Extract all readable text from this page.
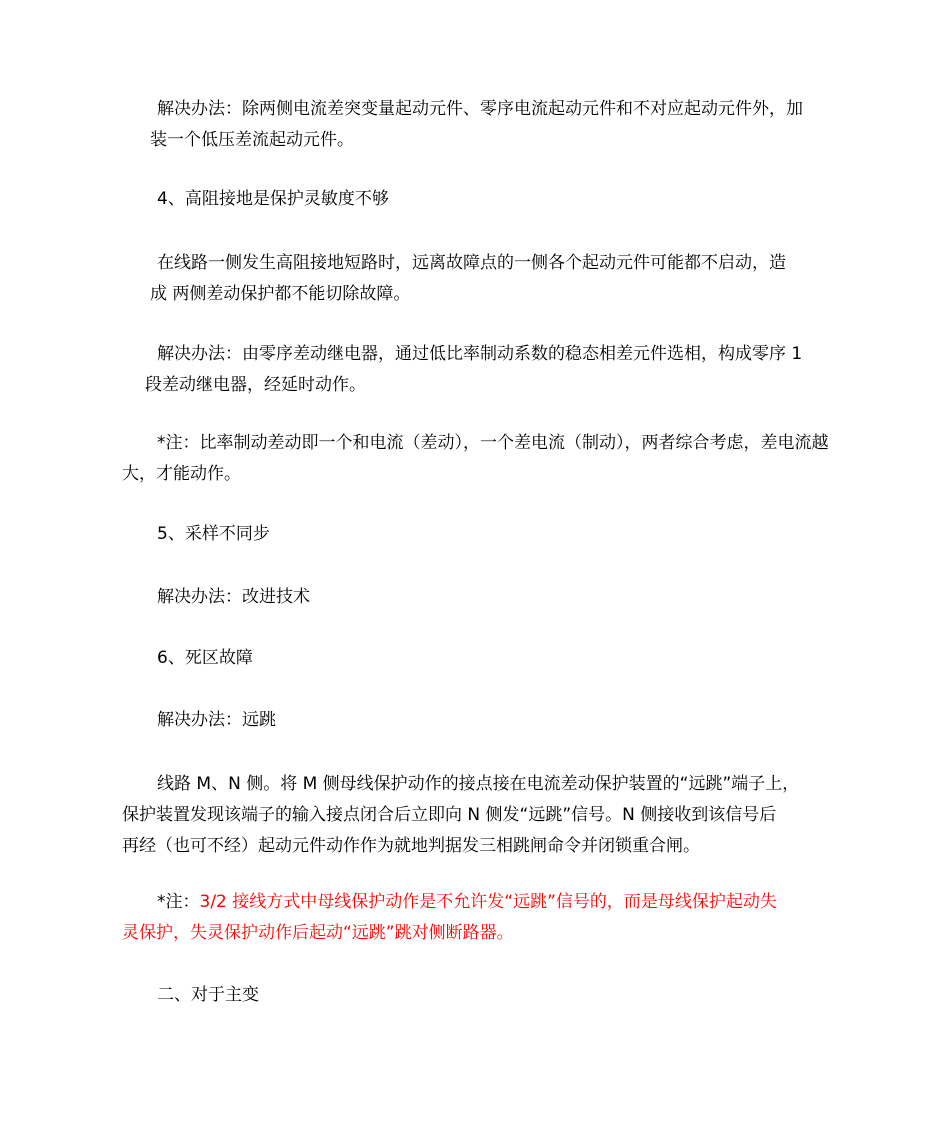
解决办法：除两侧电流差突变量起动元件、零序电流起动元件和不对应起动元件外，加
装一个低压差流起动元件。
4、高阻接地是保护灵敏度不够
在线路一侧发生高阻接地短路时，远离故障点的一侧各个起动元件可能都不启动，造
成 两侧差动保护都不能切除故障。
解决办法：由零序差动继电器，通过低比率制动系数的稳态相差元件选相，构成零序 1
段差动继电器，经延时动作。
*注：比率制动差动即一个和电流（差动），一个差电流（制动），两者综合考虑，差电流越
大，才能动作。
5、采样不同步
解决办法：改进技术
6、死区故障
解决办法：远跳
线路 M、N 侧。将 M 侧母线保护动作的接点接在电流差动保护装置的“远跳”端子上，
保护装置发现该端子的输入接点闭合后立即向 N 侧发“远跳”信号。N 侧接收到该信号后
再经（也可不经）起动元件动作作为就地判据发三相跳闸命令并闭锁重合闸。
*注：3/2 接线方式中母线保护动作是不允许发“远跳”信号的，而是母线保护起动失
灵保护，失灵保护动作后起动“远跳”跳对侧断路器。
二、对于主变
